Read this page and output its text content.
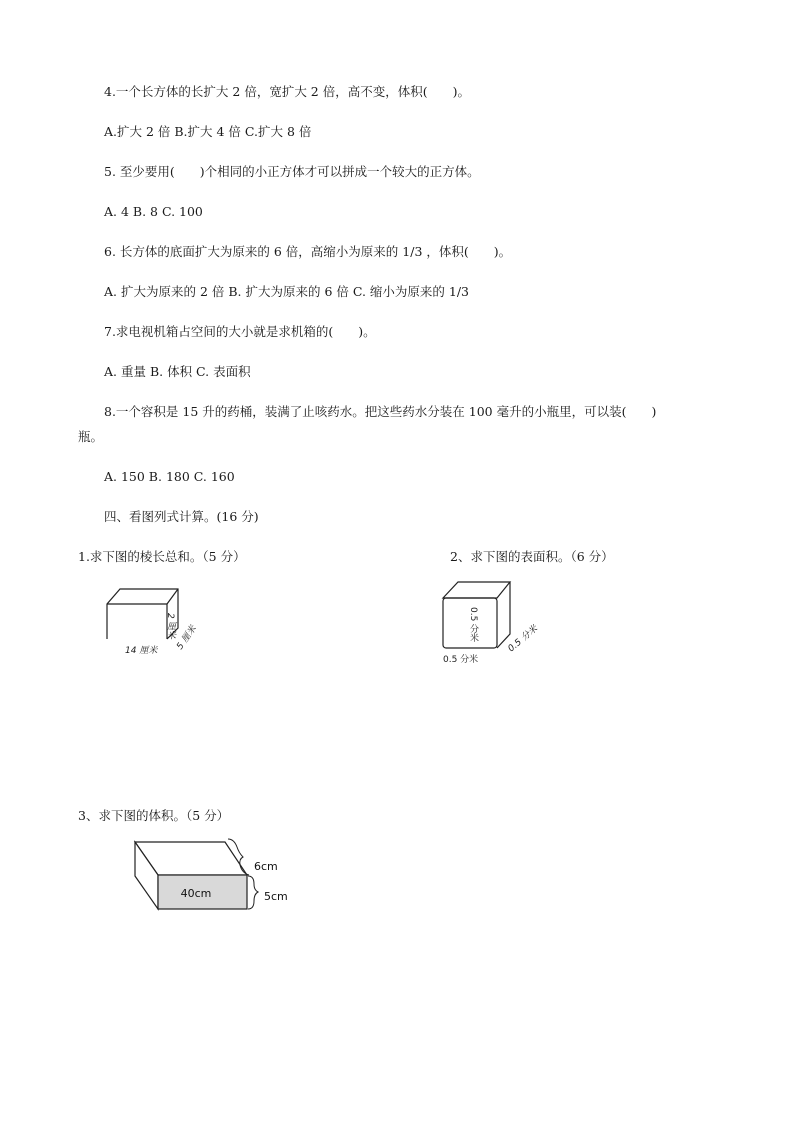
4.一个长方体的长扩大 2 倍，宽扩大 2 倍，高不变，体积(　　)。
A.扩大 2 倍 B.扩大 4 倍 C.扩大 8 倍
5. 至少要用(　　)个相同的小正方体才可以拼成一个较大的正方体。
A. 4 B. 8 C. 100
6. 长方体的底面扩大为原来的 6 倍，高缩小为原来的 1/3 ，体积(　　)。
A. 扩大为原来的 2 倍 B. 扩大为原来的 6 倍 C. 缩小为原来的 1/3
7.求电视机箱占空间的大小就是求机箱的(　　)。
A. 重量 B. 体积 C. 表面积
8.一个容积是 15 升的药桶，装满了止咳药水。把这些药水分装在 100 毫升的小瓶里，可以装(　　)
瓶。
A. 150 B. 180 C. 160
四、看图列式计算。(16 分)
1.求下图的棱长总和。（5 分）	2、求下图的表面积。（6 分）
2 厘米 5 厘米
14 厘米
0.5 分米	0.5 分米
0.5 分米
3、求下图的体积。（5 分）
40cm
6cm
5cm
